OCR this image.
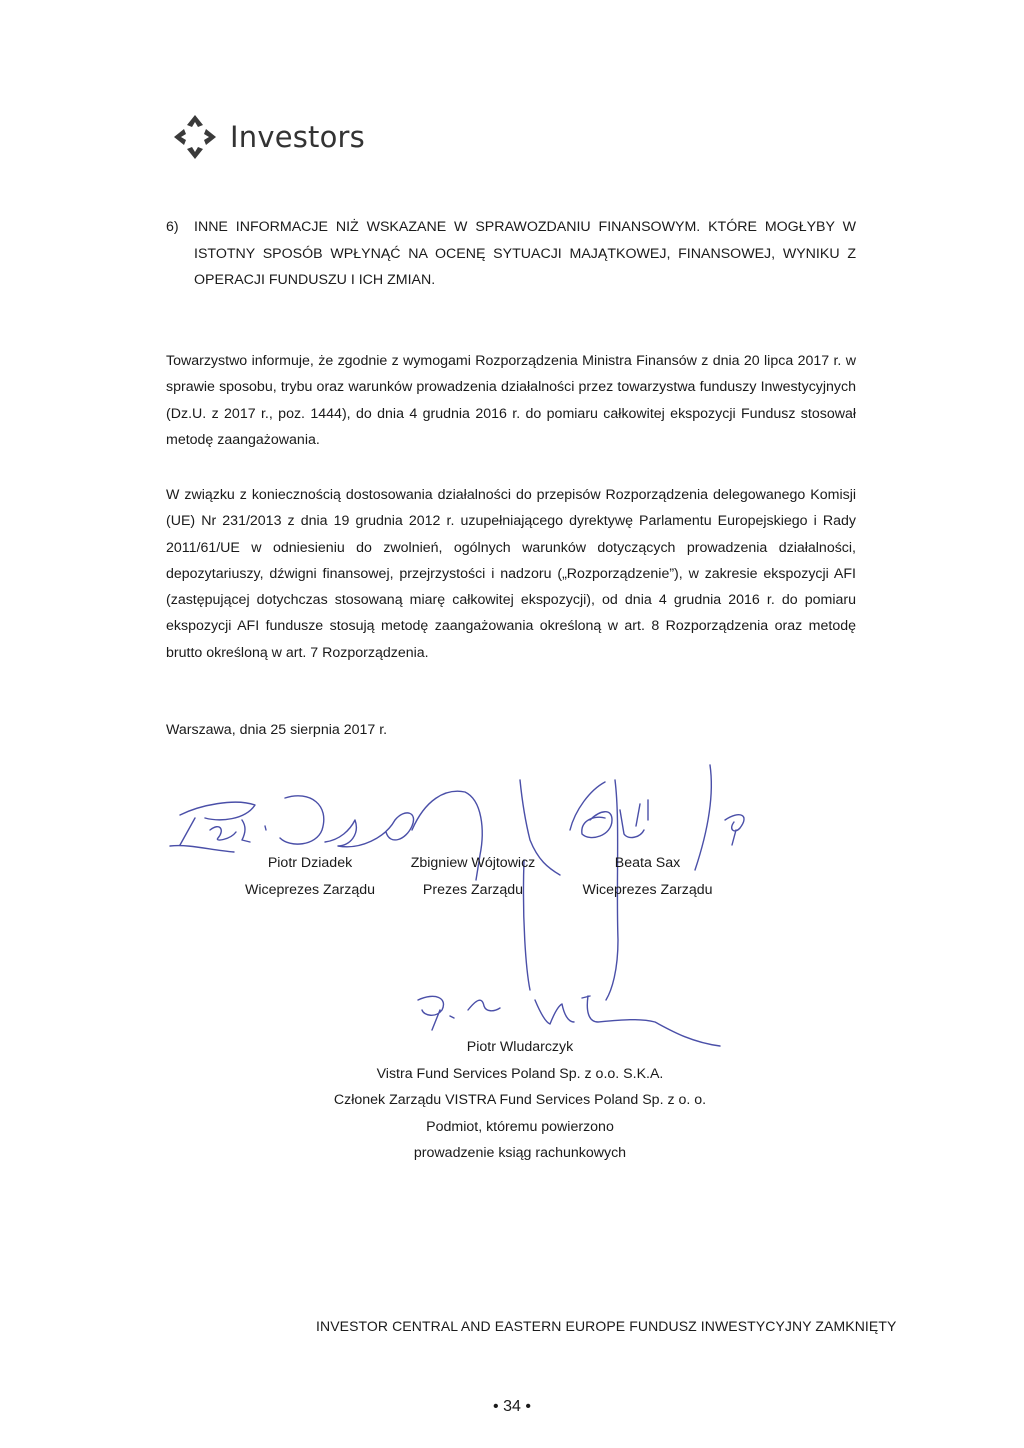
Investors
6) INNE INFORMACJE NIŻ WSKAZANE W SPRAWOZDANIU FINANSOWYM. KTÓRE MOGŁYBY W ISTOTNY SPOSÓB WPŁYNĄĆ NA OCENĘ SYTUACJI MAJĄTKOWEJ, FINANSOWEJ, WYNIKU Z OPERACJI FUNDUSZU I ICH ZMIAN.
Towarzystwo informuje, że zgodnie z wymogami Rozporządzenia Ministra Finansów z dnia 20 lipca 2017 r. w sprawie sposobu, trybu oraz warunków prowadzenia działalności przez towarzystwa funduszy Inwestycyjnych (Dz.U. z 2017 r., poz. 1444), do dnia 4 grudnia 2016 r. do pomiaru całkowitej ekspozycji Fundusz stosował metodę zaangażowania.
W związku z koniecznością dostosowania działalności do przepisów Rozporządzenia delegowanego Komisji (UE) Nr 231/2013 z dnia 19 grudnia 2012 r. uzupełniającego dyrektywę Parlamentu Europejskiego i Rady 2011/61/UE w odniesieniu do zwolnień, ogólnych warunków dotyczących prowadzenia działalności, depozytariuszy, dźwigni finansowej, przejrzystości i nadzoru („Rozporządzenie”), w zakresie ekspozycji AFI (zastępującej dotychczas stosowaną miarę całkowitej ekspozycji), od dnia 4 grudnia 2016 r. do pomiaru ekspozycji AFI fundusze stosują metodę zaangażowania określoną w art. 8 Rozporządzenia oraz metodę brutto określoną w art. 7 Rozporządzenia.
Warszawa, dnia 25 sierpnia 2017 r.
Piotr Dziadek
Wiceprezes Zarządu
Zbigniew Wójtowicz
Prezes Zarządu
Beata Sax
Wiceprezes Zarządu
Piotr Wludarczyk
Vistra Fund Services Poland Sp. z o.o. S.K.A.
Członek Zarządu VISTRA Fund Services Poland Sp. z o. o.
Podmiot, któremu powierzono
prowadzenie ksiąg rachunkowych
INVESTOR CENTRAL AND EASTERN EUROPE FUNDUSZ INWESTYCYJNY ZAMKNIĘTY
• 34 •
